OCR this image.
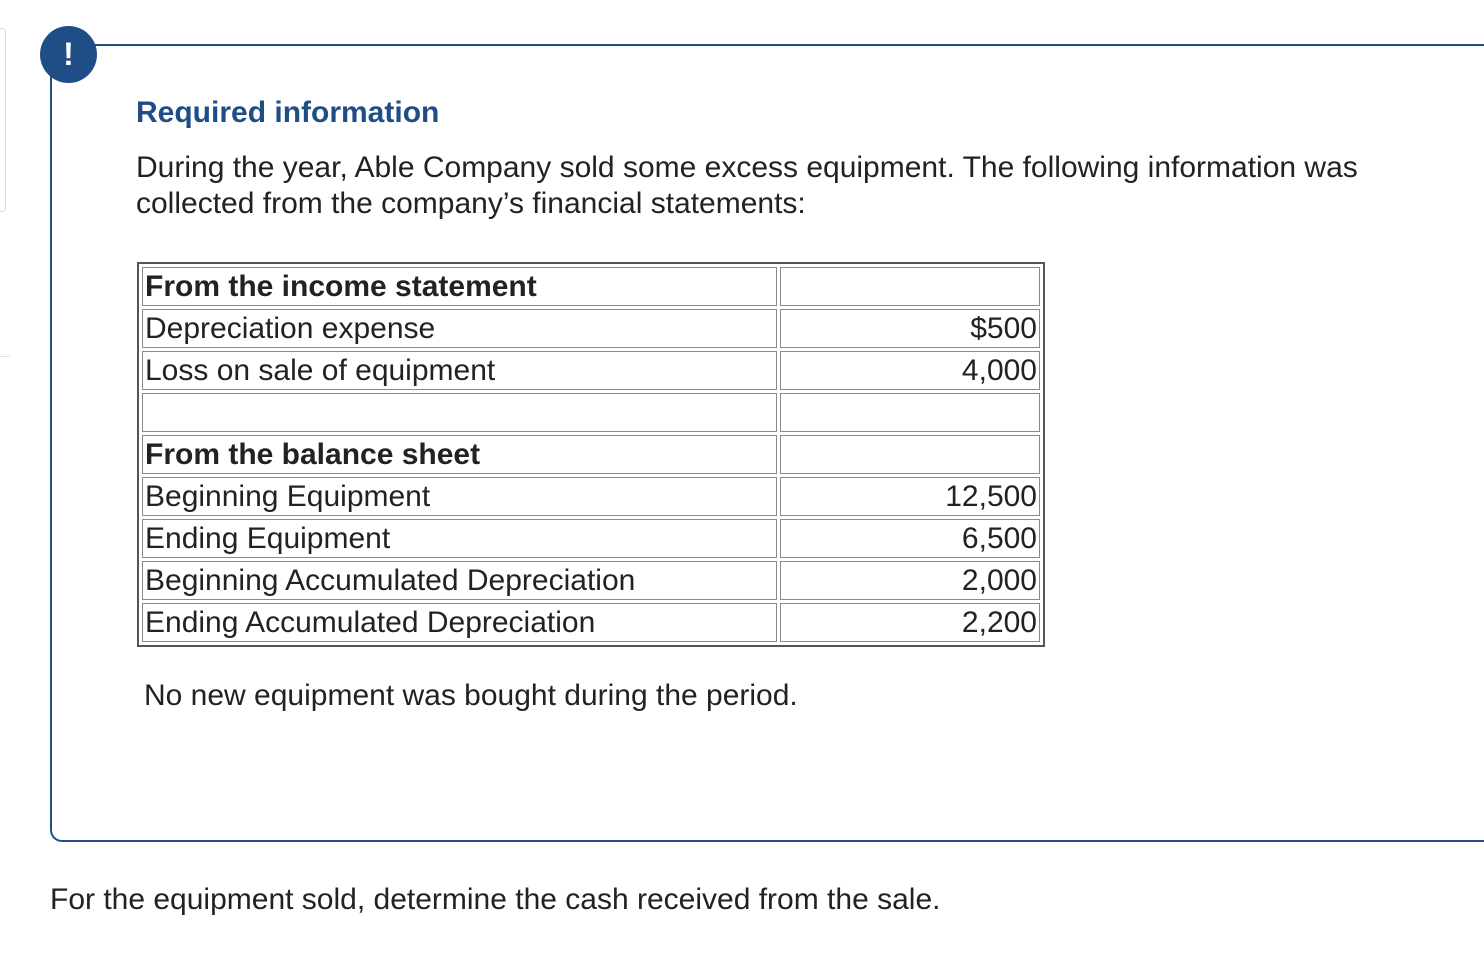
!
Required information
During the year, Able Company sold some excess equipment. The following information was collected from the company’s financial statements:
From the income statement	
Depreciation expense	$500
Loss on sale of equipment	4,000

From the balance sheet	
Beginning Equipment	12,500
Ending Equipment	6,500
Beginning Accumulated Depreciation	2,000
Ending Accumulated Depreciation	2,200
No new equipment was bought during the period.
For the equipment sold, determine the cash received from the sale.
